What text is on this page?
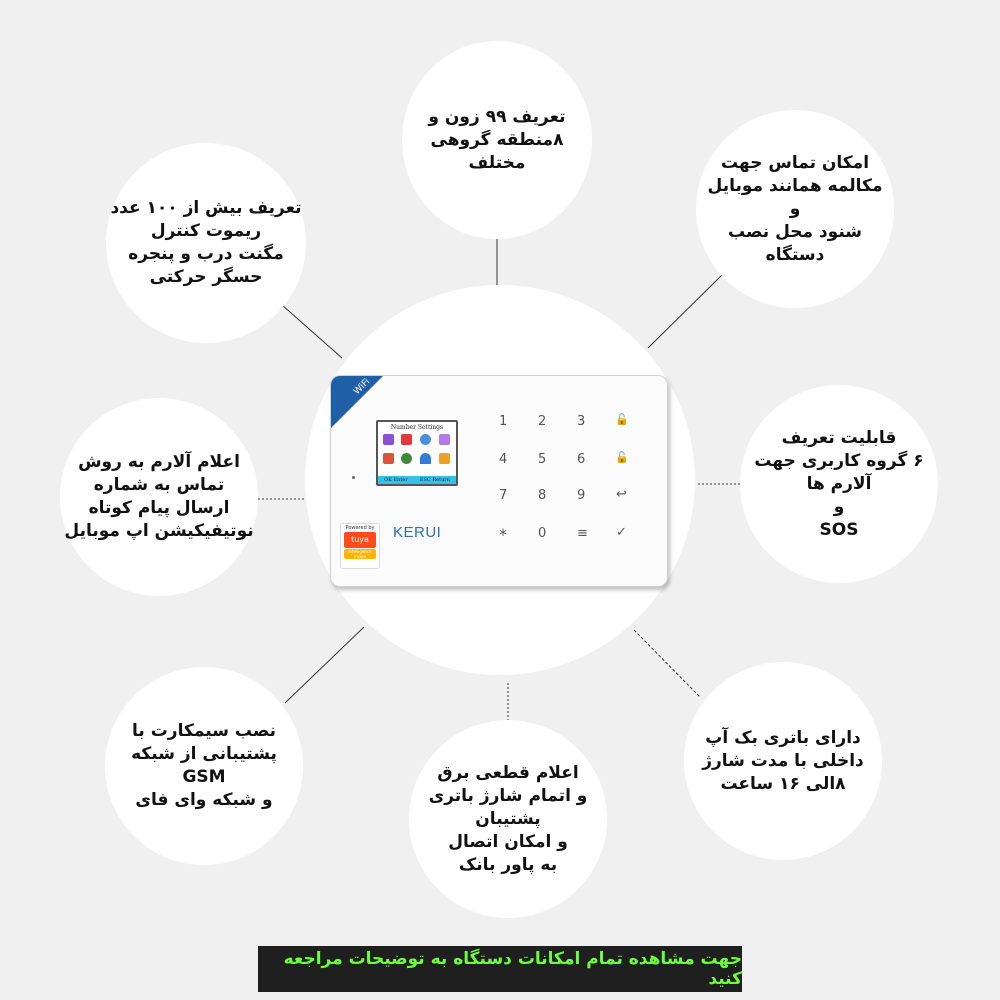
تعریف ۹۹ زون و
۸منطقه گروهی مختلف
تعریف بیش از ۱۰۰ عدد
ریموت کنترل
مگنت درب و پنجره
حسگر حرکتی
امکان تماس جهت
مکالمه همانند موبایل
و
شنود محل نصب
دستگاه
اعلام آلارم به روش
تماس به شماره
ارسال پیام کوتاه
نوتیفیکیشن اپ موبایل
قابلیت تعریف
۶ گروه کاربری جهت
آلارم ها
و
SOS
نصب سیمکارت با
پشتیبانی از شبکه
GSM
و شبکه وای فای
دارای باتری بک آپ
داخلی با مدت شارژ
۸الی ۱۶ ساعت
اعلام قطعی برق
و اتمام شارژ باتری
پشتیبان
و امکان اتصال
به پاور بانک
WiFi
Number Settings
OK Enter ESC Return
1 2 3	🔓
4 5 6	🔓
7 8 9 ↩
* 0 ≡ ✓
KERUI
Powered by
tuya
intelligence inside
جهت مشاهده تمام امکانات دستگاه به توضیحات مراجعه کنید
